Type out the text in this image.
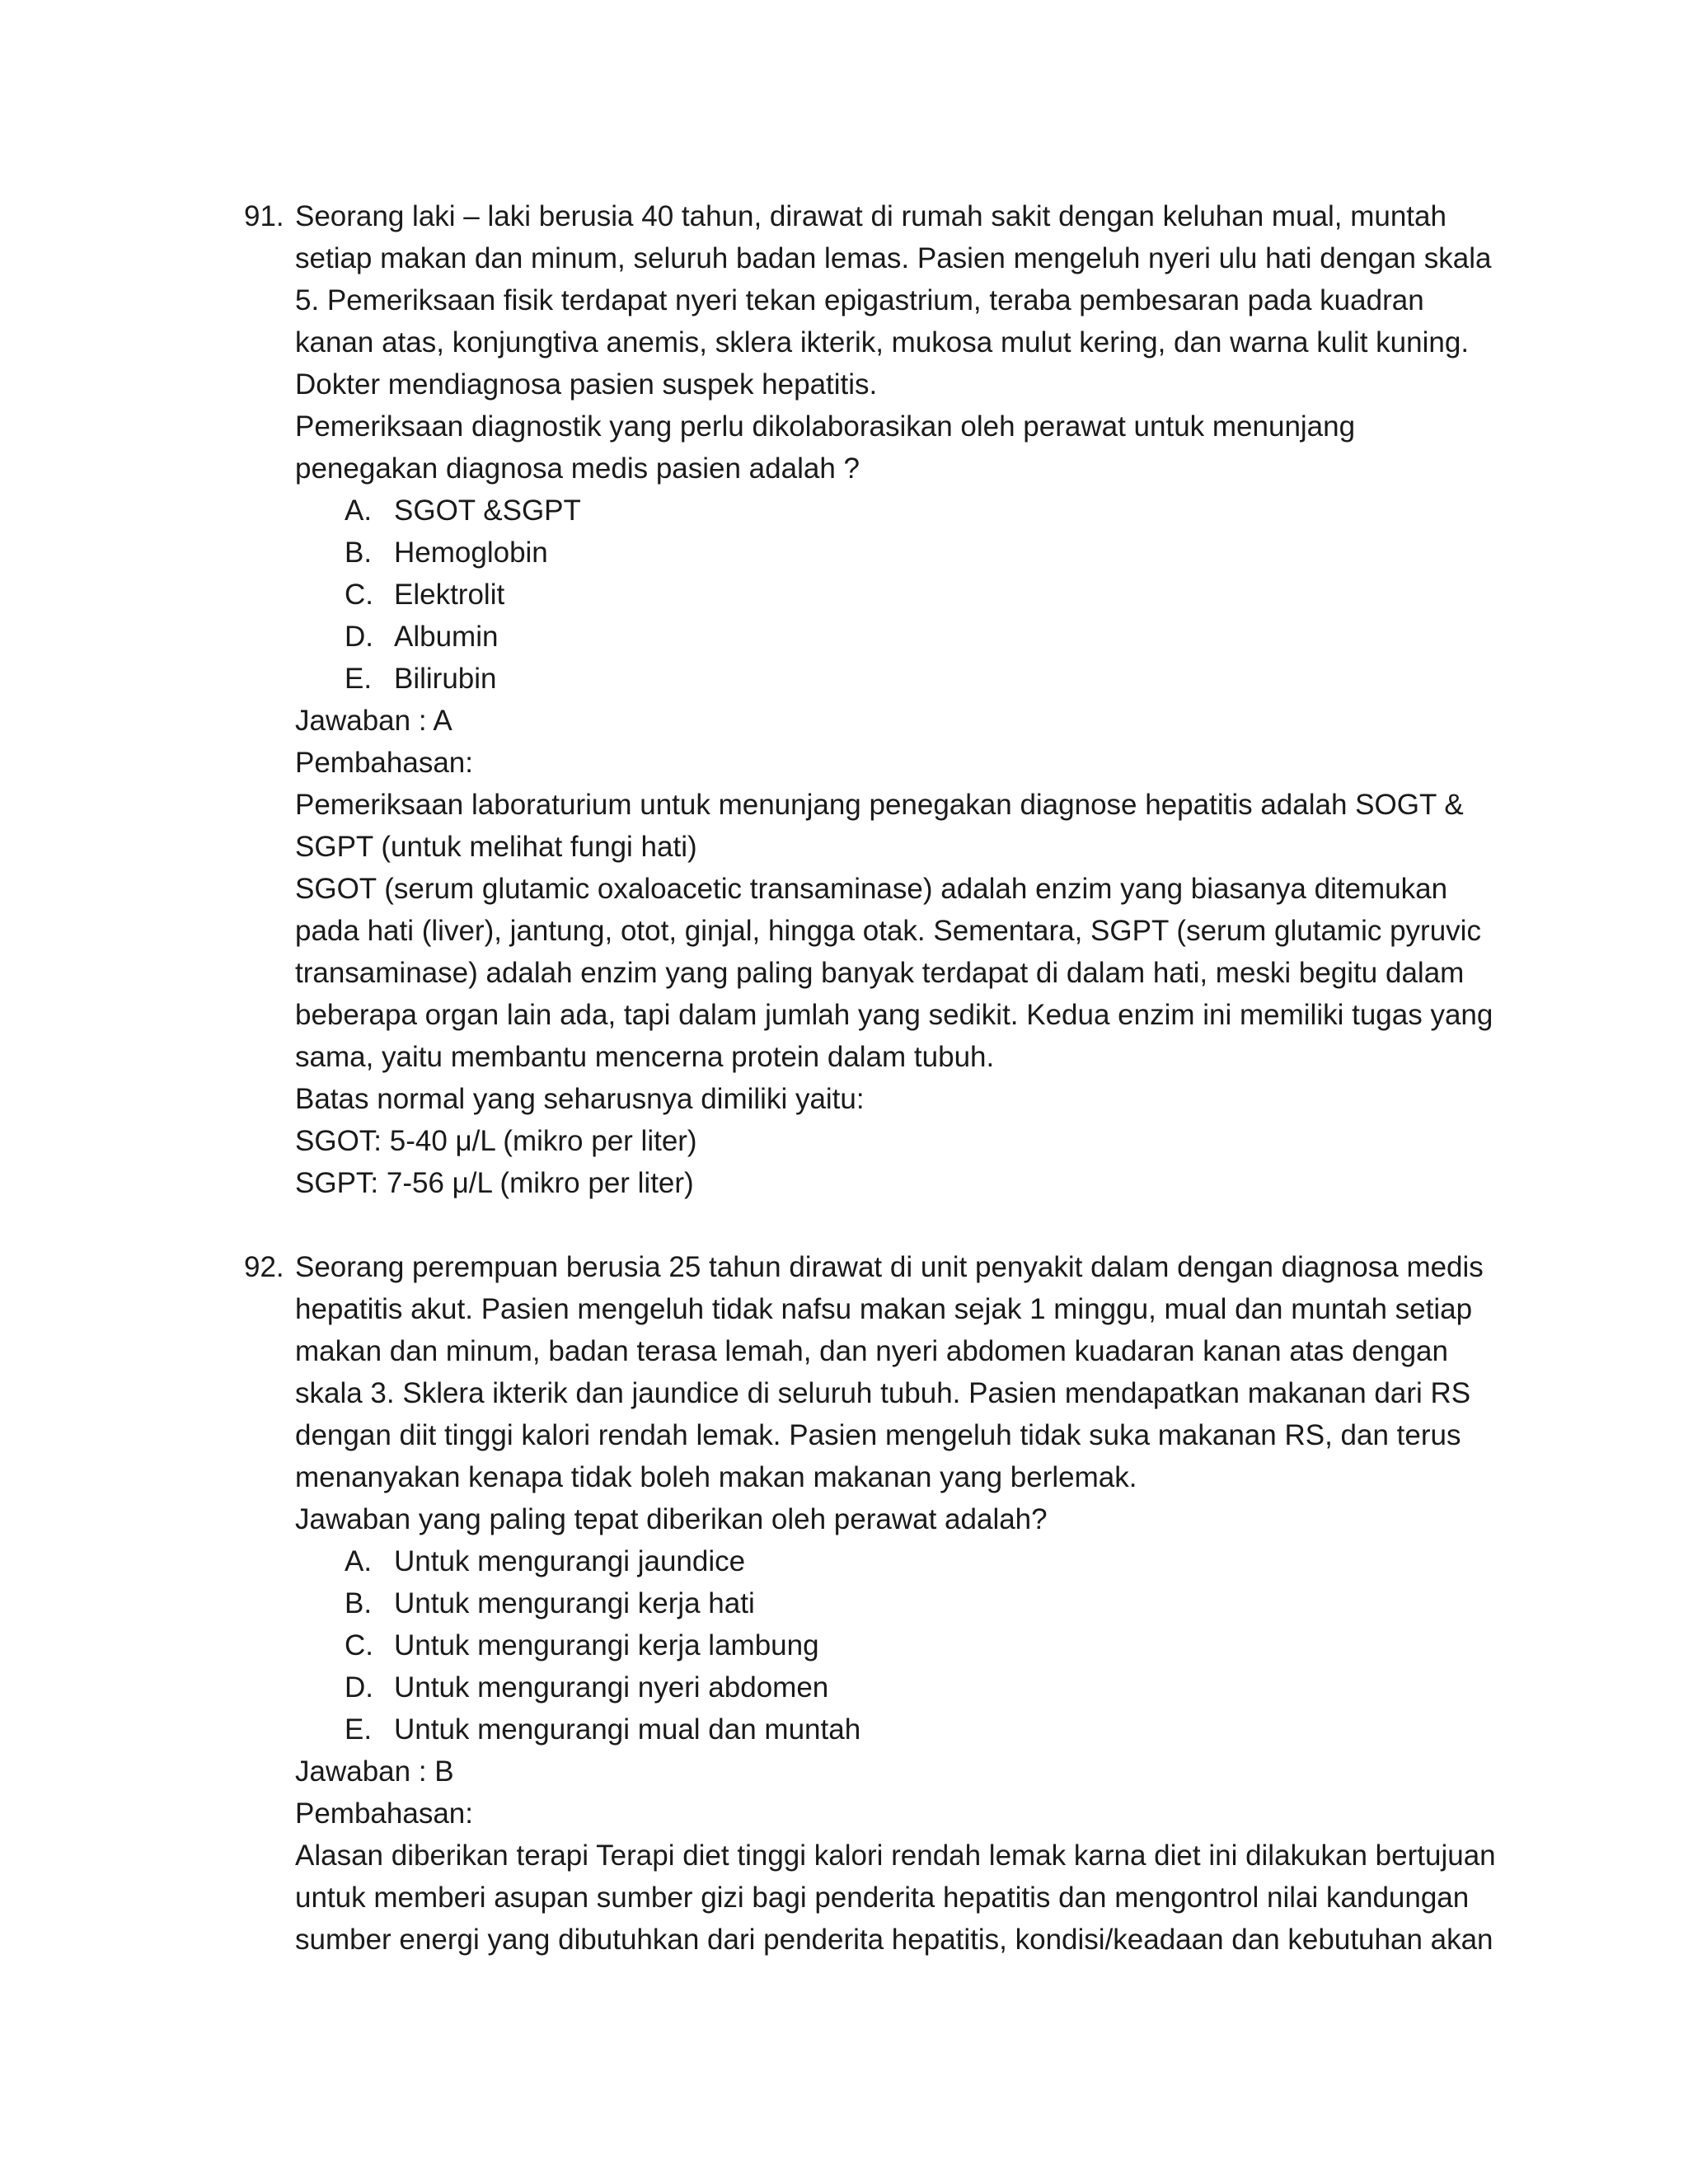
91. Seorang laki – laki berusia 40 tahun, dirawat di rumah sakit dengan keluhan mual, muntah setiap makan dan minum, seluruh badan lemas. Pasien mengeluh nyeri ulu hati dengan skala 5. Pemeriksaan fisik terdapat nyeri tekan epigastrium, teraba pembesaran pada kuadran kanan atas, konjungtiva anemis, sklera ikterik, mukosa mulut kering, dan warna kulit kuning. Dokter mendiagnosa pasien suspek hepatitis.

Pemeriksaan diagnostik yang perlu dikolaborasikan oleh perawat untuk menunjang penegakan diagnosa medis pasien adalah ?

A. SGOT &SGPT
B. Hemoglobin
C. Elektrolit
D. Albumin
E. Bilirubin

Jawaban : A

Pembahasan:

Pemeriksaan laboraturium untuk menunjang penegakan diagnose hepatitis adalah SOGT & SGPT (untuk melihat fungi hati)

SGOT (serum glutamic oxaloacetic transaminase) adalah enzim yang biasanya ditemukan pada hati (liver), jantung, otot, ginjal, hingga otak. Sementara, SGPT (serum glutamic pyruvic transaminase) adalah enzim yang paling banyak terdapat di dalam hati, meski begitu dalam beberapa organ lain ada, tapi dalam jumlah yang sedikit. Kedua enzim ini memiliki tugas yang sama, yaitu membantu mencerna protein dalam tubuh.

Batas normal yang seharusnya dimiliki yaitu:

SGOT: 5-40 μ/L (mikro per liter)

SGPT: 7-56 μ/L (mikro per liter)

92. Seorang perempuan berusia 25 tahun dirawat di unit penyakit dalam dengan diagnosa medis hepatitis akut. Pasien mengeluh tidak nafsu makan sejak 1 minggu, mual dan muntah setiap makan dan minum, badan terasa lemah, dan nyeri abdomen kuadaran kanan atas dengan skala 3. Sklera ikterik dan jaundice di seluruh tubuh. Pasien mendapatkan makanan dari RS dengan diit tinggi kalori rendah lemak. Pasien mengeluh tidak suka makanan RS, dan terus menanyakan kenapa tidak boleh makan makanan yang berlemak.

Jawaban yang paling tepat diberikan oleh perawat adalah?

A. Untuk mengurangi jaundice
B. Untuk mengurangi kerja hati
C. Untuk mengurangi kerja lambung
D. Untuk mengurangi nyeri abdomen
E. Untuk mengurangi mual dan muntah

Jawaban : B

Pembahasan:

Alasan diberikan terapi Terapi diet tinggi kalori rendah lemak karna diet ini dilakukan bertujuan untuk memberi asupan sumber gizi bagi penderita hepatitis dan mengontrol nilai kandungan sumber energi yang dibutuhkan dari penderita hepatitis, kondisi/keadaan dan kebutuhan akan
